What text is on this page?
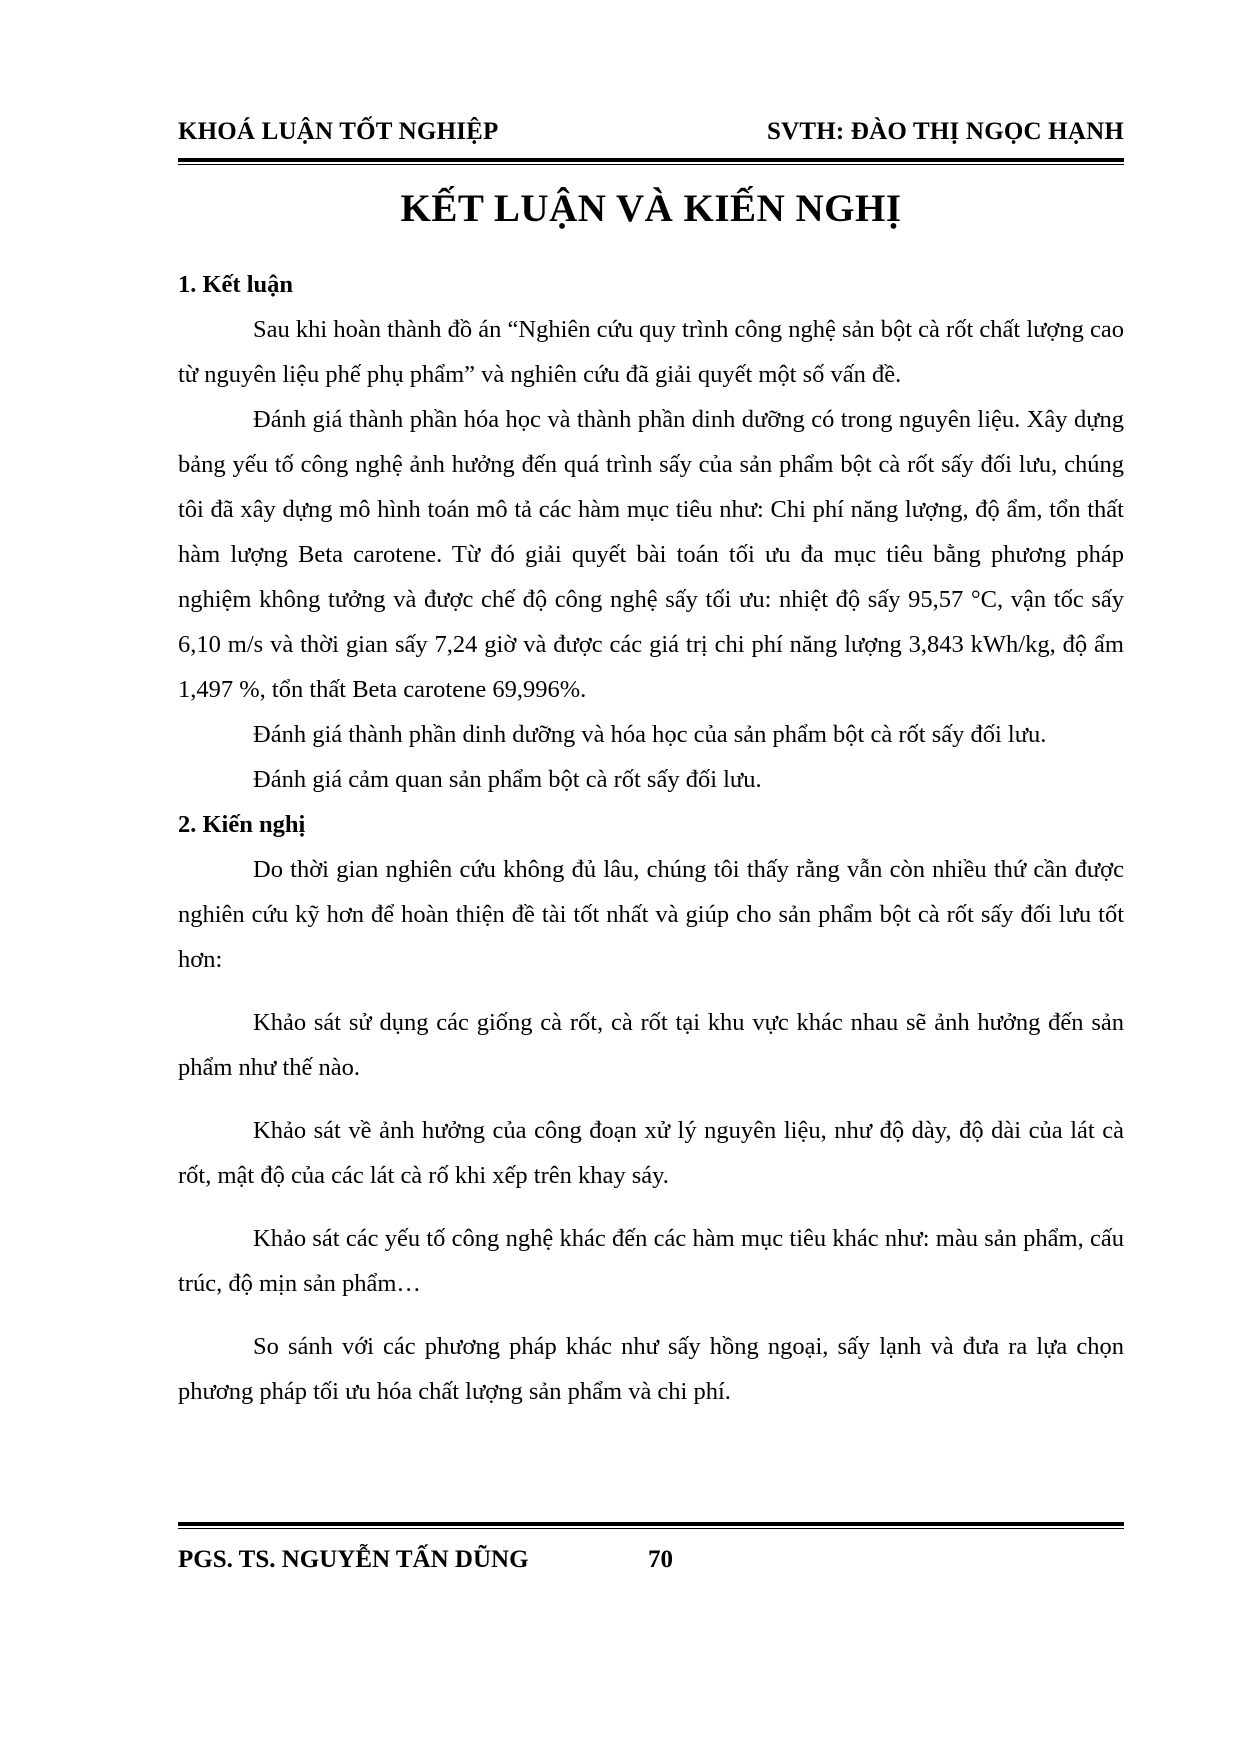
KHOÁ LUẬN TỐT NGHIỆP	SVTH: ĐÀO THỊ NGỌC HẠNH
KẾT LUẬN VÀ KIẾN NGHỊ

1. Kết luận

Sau khi hoàn thành đồ án “Nghiên cứu quy trình công nghệ sản bột cà rốt chất lượng cao từ nguyên liệu phế phụ phẩm” và nghiên cứu đã giải quyết một số vấn đề.

Đánh giá thành phần hóa học và thành phần dinh dưỡng có trong nguyên liệu. Xây dựng bảng yếu tố công nghệ ảnh hưởng đến quá trình sấy của sản phẩm bột cà rốt sấy đối lưu, chúng tôi đã xây dựng mô hình toán mô tả các hàm mục tiêu như: Chi phí năng lượng, độ ẩm, tổn thất hàm lượng Beta carotene. Từ đó giải quyết bài toán tối ưu đa mục tiêu bằng phương pháp nghiệm không tưởng và được chế độ công nghệ sấy tối ưu: nhiệt độ sấy 95,57 °C, vận tốc sấy 6,10 m/s và thời gian sấy 7,24 giờ và được các giá trị chi phí năng lượng 3,843 kWh/kg, độ ẩm 1,497 %, tổn thất Beta carotene 69,996%.

Đánh giá thành phần dinh dưỡng và hóa học của sản phẩm bột cà rốt sấy đối lưu.

Đánh giá cảm quan sản phẩm bột cà rốt sấy đối lưu.

2. Kiến nghị

Do thời gian nghiên cứu không đủ lâu, chúng tôi thấy rằng vẫn còn nhiều thứ cần được nghiên cứu kỹ hơn để hoàn thiện đề tài tốt nhất và giúp cho sản phẩm bột cà rốt sấy đối lưu tốt hơn:

Khảo sát sử dụng các giống cà rốt, cà rốt tại khu vực khác nhau sẽ ảnh hưởng đến sản phẩm như thế nào.

Khảo sát về ảnh hưởng của công đoạn xử lý nguyên liệu, như độ dày, độ dài của lát cà rốt, mật độ của các lát cà rố khi xếp trên khay sáy.

Khảo sát các yếu tố công nghệ khác đến các hàm mục tiêu khác như: màu sản phẩm, cấu trúc, độ mịn sản phẩm…

So sánh với các phương pháp khác như sấy hồng ngoại, sấy lạnh và đưa ra lựa chọn phương pháp tối ưu hóa chất lượng sản phẩm và chi phí.

PGS. TS. NGUYỄN TẤN DŨNG	70
